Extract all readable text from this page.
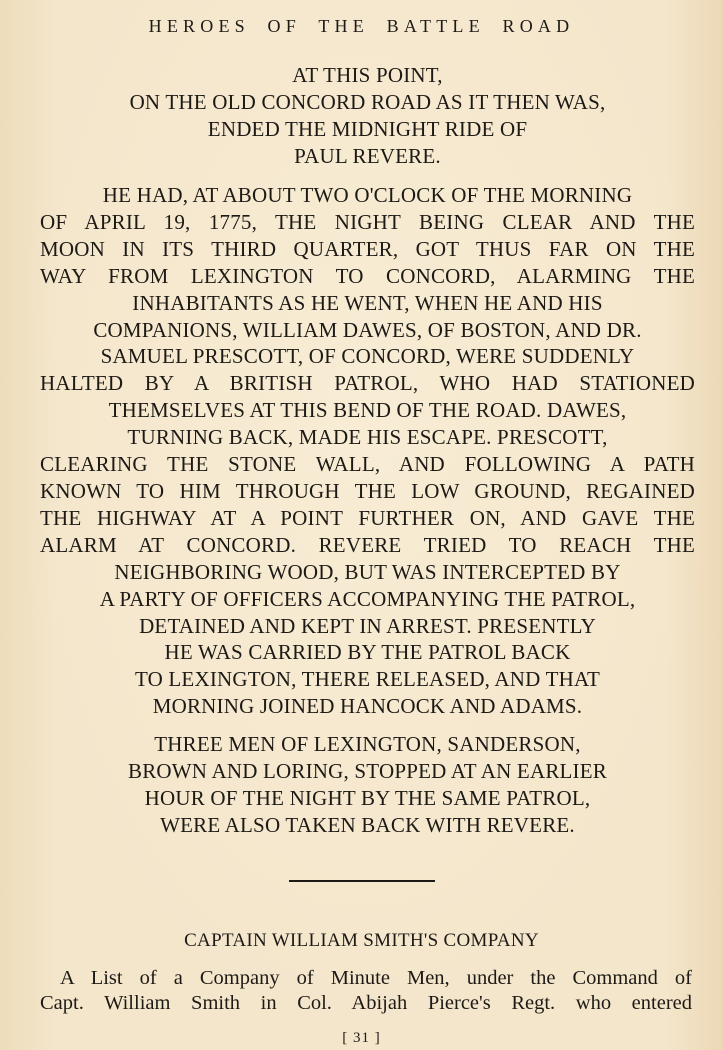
HEROES OF THE BATTLE ROAD
AT THIS POINT,
ON THE OLD CONCORD ROAD AS IT THEN WAS,
ENDED THE MIDNIGHT RIDE OF
PAUL REVERE.
HE HAD, AT ABOUT TWO O'CLOCK OF THE MORNING
OF APRIL 19, 1775, THE NIGHT BEING CLEAR AND THE
MOON IN ITS THIRD QUARTER, GOT THUS FAR ON THE
WAY FROM LEXINGTON TO CONCORD, ALARMING THE
INHABITANTS AS HE WENT, WHEN HE AND HIS
COMPANIONS, WILLIAM DAWES, OF BOSTON, AND DR.
SAMUEL PRESCOTT, OF CONCORD, WERE SUDDENLY
HALTED BY A BRITISH PATROL, WHO HAD STATIONED
THEMSELVES AT THIS BEND OF THE ROAD. DAWES,
TURNING BACK, MADE HIS ESCAPE. PRESCOTT,
CLEARING THE STONE WALL, AND FOLLOWING A PATH
KNOWN TO HIM THROUGH THE LOW GROUND, REGAINED
THE HIGHWAY AT A POINT FURTHER ON, AND GAVE THE
ALARM AT CONCORD. REVERE TRIED TO REACH THE
NEIGHBORING WOOD, BUT WAS INTERCEPTED BY
A PARTY OF OFFICERS ACCOMPANYING THE PATROL,
DETAINED AND KEPT IN ARREST. PRESENTLY
HE WAS CARRIED BY THE PATROL BACK
TO LEXINGTON, THERE RELEASED, AND THAT
MORNING JOINED HANCOCK AND ADAMS.
THREE MEN OF LEXINGTON, SANDERSON,
BROWN AND LORING, STOPPED AT AN EARLIER
HOUR OF THE NIGHT BY THE SAME PATROL,
WERE ALSO TAKEN BACK WITH REVERE.
CAPTAIN WILLIAM SMITH'S COMPANY
A List of a Company of Minute Men, under the Command of
Capt. William Smith in Col. Abijah Pierce's Regt. who entered
[ 31 ]
